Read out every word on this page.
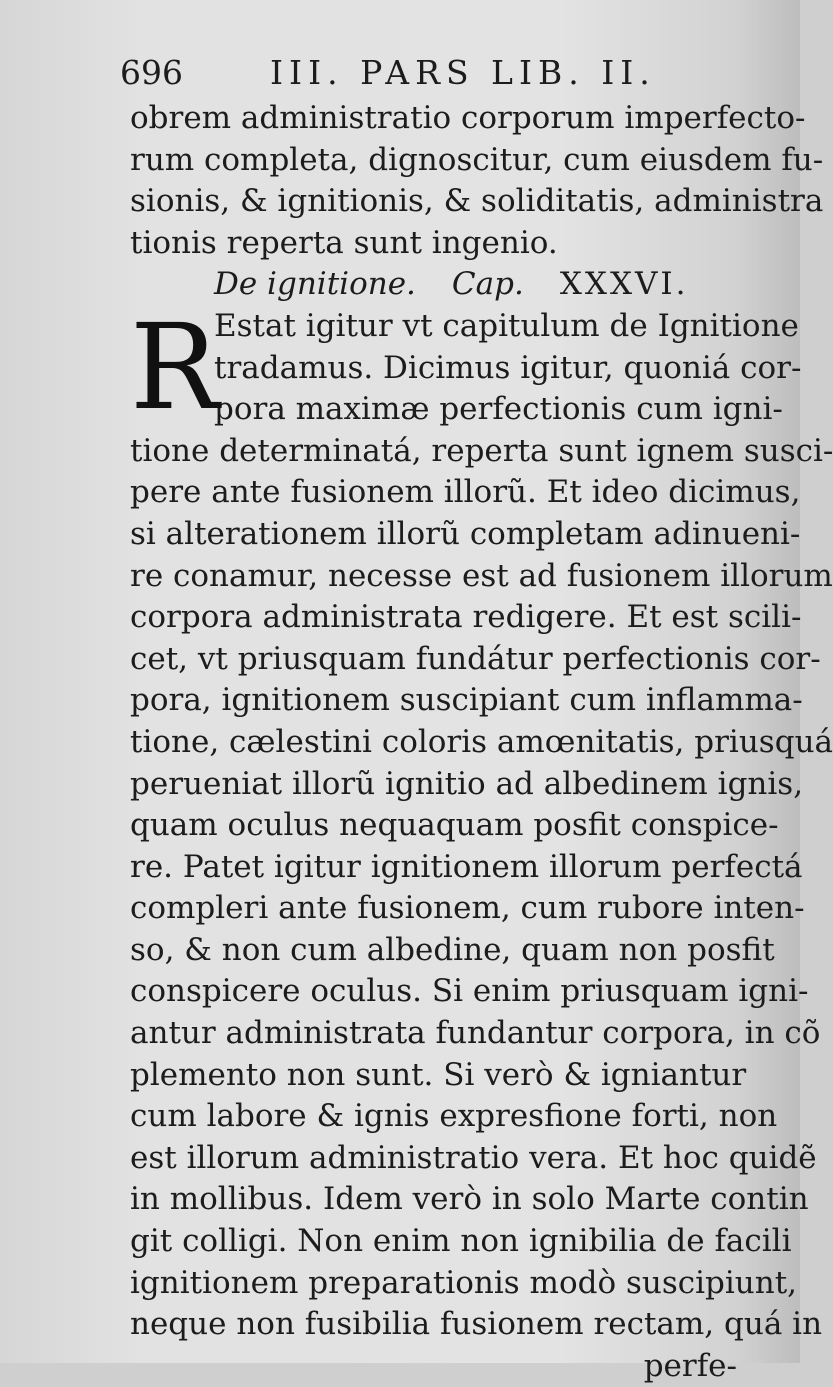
696	III. PARS LIB. II.
obrem administratio corporum imperfecto-
rum completa, dignoscitur, cum eiusdem fu-
sionis, & ignitionis, & soliditatis, administra
tionis reperta sunt ingenio.
De ignitione. Cap. XXXVI.
R
Estat igitur vt capitulum de Ignitione
tradamus. Dicimus igitur, quoniá cor-
pora maximæ perfectionis cum igni-
tione determinatá, reperta sunt ignem susci-
pere ante fusionem illorũ. Et ideo dicimus,
si alterationem illorũ completam adinueni-
re conamur, necesse est ad fusionem illorum
corpora administrata redigere. Et est scili-
cet, vt priusquam fundátur perfectionis cor-
pora, ignitionem suscipiant cum inflamma-
tione, cælestini coloris amœnitatis, priusquá
perueniat illorũ ignitio ad albedinem ignis,
quam oculus nequaquam posfit conspice-
re. Patet igitur ignitionem illorum perfectá
compleri ante fusionem, cum rubore inten-
so, & non cum albedine, quam non posfit
conspicere oculus. Si enim priusquam igni-
antur administrata fundantur corpora, in cõ
plemento non sunt. Si verò & igniantur
cum labore & ignis expresfione forti, non
est illorum administratio vera. Et hoc quidẽ
in mollibus. Idem verò in solo Marte contin
git colligi. Non enim non ignibilia de facili
ignitionem preparationis modò suscipiunt,
neque non fusibilia fusionem rectam, quá in
perfe-
